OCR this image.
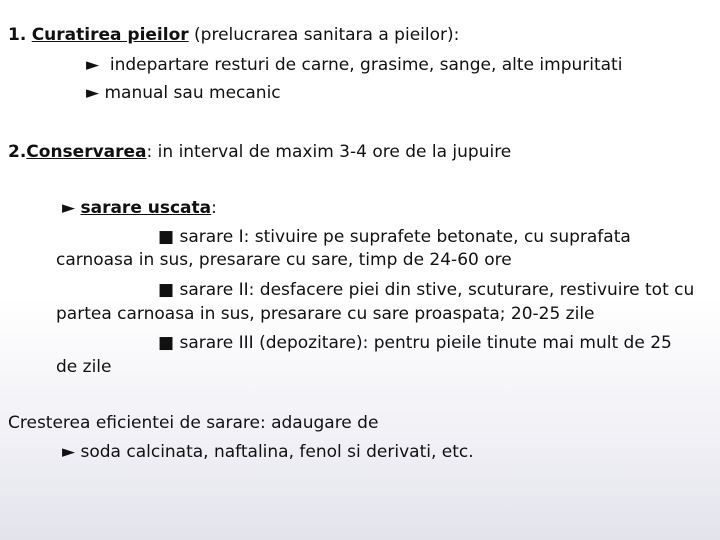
1. Curatirea pieilor (prelucrarea sanitara a pieilor):
► indepartare resturi de carne, grasime, sange, alte impuritati
► manual sau mecanic
2.Conservarea: in interval de maxim 3-4 ore de la jupuire
► sarare uscata:
■ sarare I: stivuire pe suprafete betonate, cu suprafata
carnoasa in sus, presarare cu sare, timp de 24-60 ore
■ sarare II: desfacere piei din stive, scuturare, restivuire tot cu
partea carnoasa in sus, presarare cu sare proaspata; 20-25 zile
■ sarare III (depozitare): pentru pieile tinute mai mult de 25
de zile
Cresterea eficientei de sarare: adaugare de
► soda calcinata, naftalina, fenol si derivati, etc.
